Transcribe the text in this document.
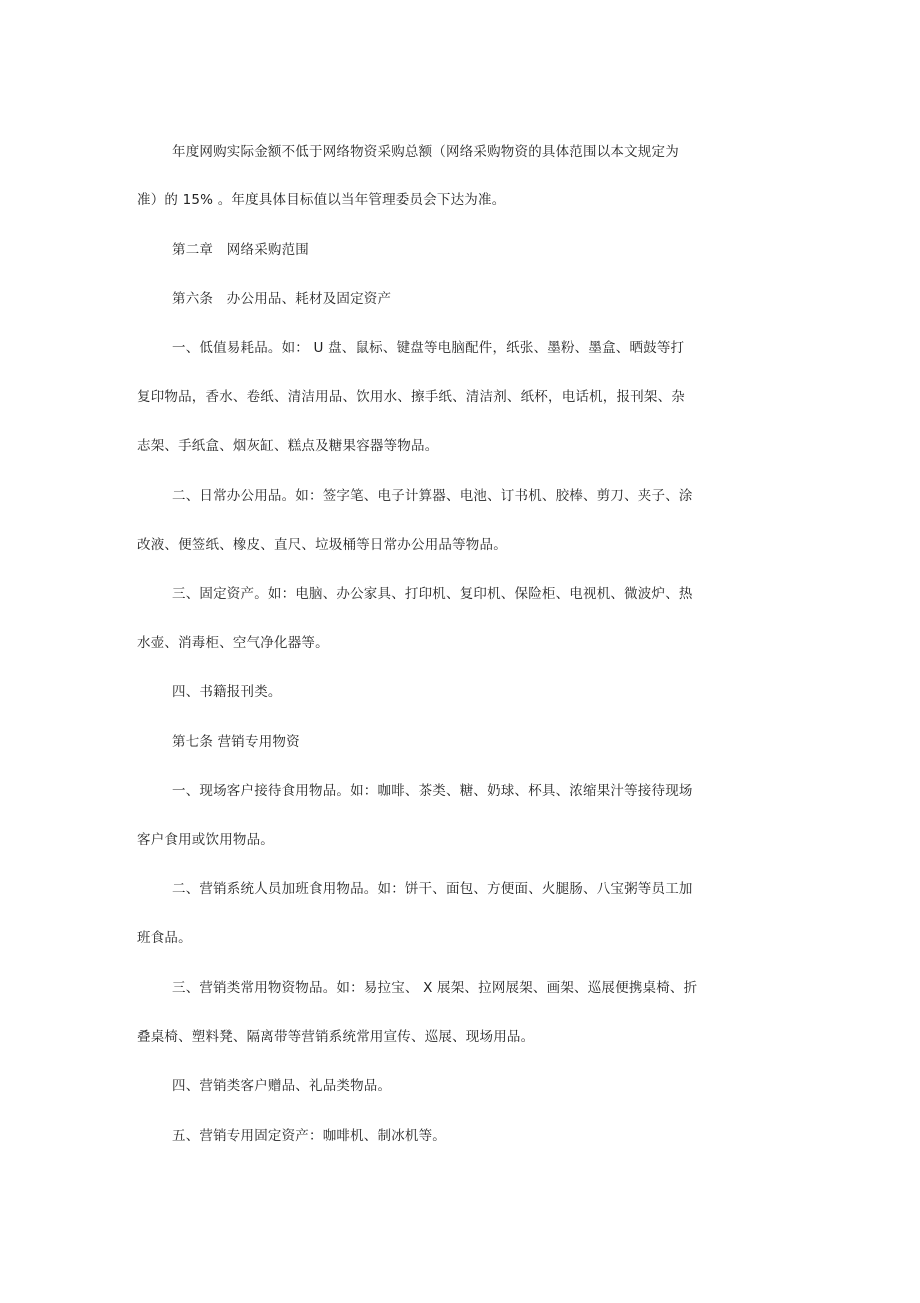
年度网购实际金额不低于网络物资采购总额（网络采购物资的具体范围以本文规定为
准）的 15% 。年度具体目标值以当年管理委员会下达为准。
第二章　网络采购范围
第六条　办公用品、耗材及固定资产
一、低值易耗品。如： U 盘、鼠标、键盘等电脑配件，纸张、墨粉、墨盒、晒鼓等打
复印物品，香水、卷纸、清洁用品、饮用水、擦手纸、清洁剂、纸杯，电话机，报刊架、杂
志架、手纸盒、烟灰缸、糕点及糖果容器等物品。
二、日常办公用品。如：签字笔、电子计算器、电池、订书机、胶棒、剪刀、夹子、涂
改液、便签纸、橡皮、直尺、垃圾桶等日常办公用品等物品。
三、固定资产。如：电脑、办公家具、打印机、复印机、保险柜、电视机、微波炉、热
水壶、消毒柜、空气净化器等。
四、书籍报刊类。
第七条 营销专用物资
一、现场客户接待食用物品。如：咖啡、茶类、糖、奶球、杯具、浓缩果汁等接待现场
客户食用或饮用物品。
二、营销系统人员加班食用物品。如：饼干、面包、方便面、火腿肠、八宝粥等员工加
班食品。
三、营销类常用物资物品。如：易拉宝、 X 展架、拉网展架、画架、巡展便携桌椅、折
叠桌椅、塑料凳、隔离带等营销系统常用宣传、巡展、现场用品。
四、营销类客户赠品、礼品类物品。
五、营销专用固定资产：咖啡机、制冰机等。
